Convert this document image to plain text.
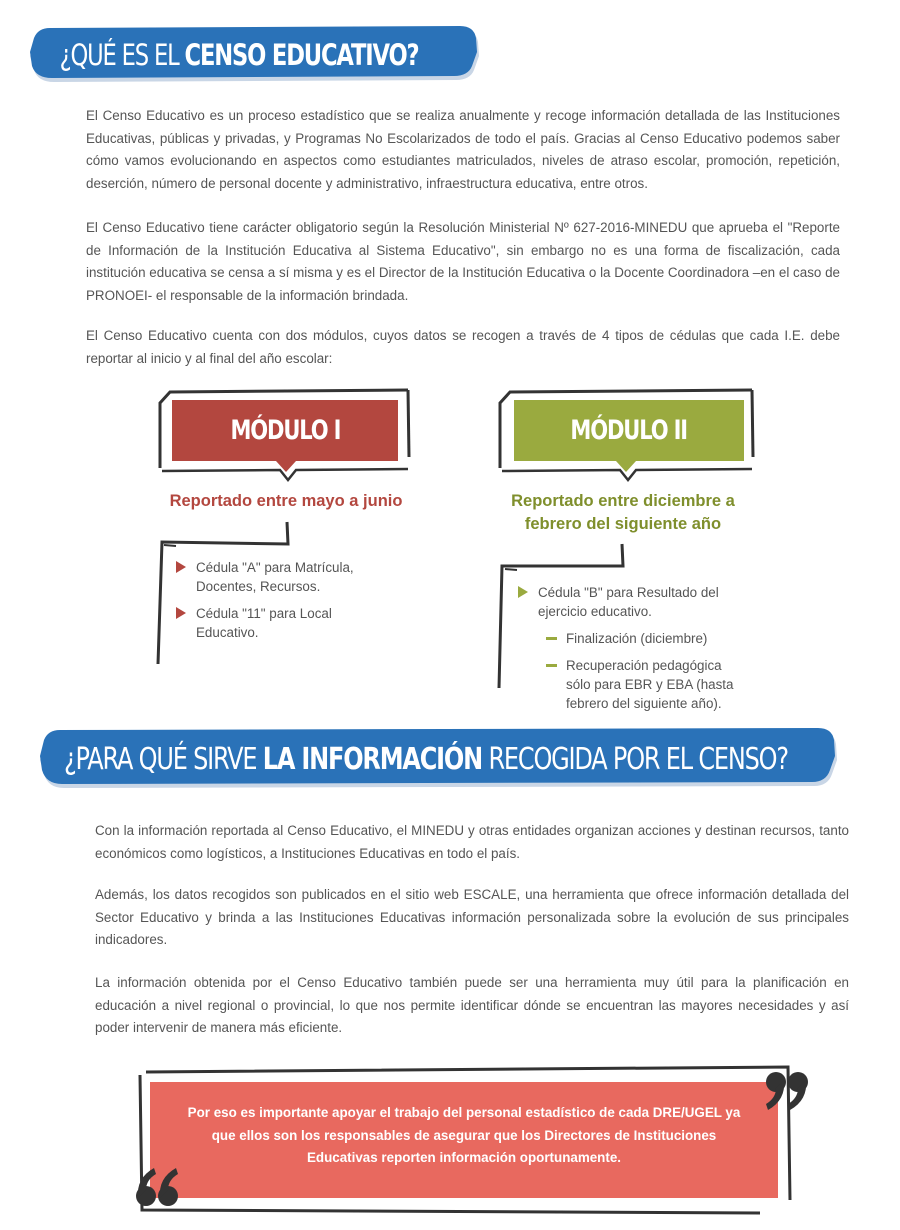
¿QUÉ ES EL
CENSO EDUCATIVO?
El Censo Educativo es un proceso estadístico que se realiza anualmente y recoge información detallada de las Instituciones Educativas, públicas y privadas, y Programas No Escolarizados de todo el país. Gracias al Censo Educativo podemos saber cómo vamos evolucionando en aspectos como estudiantes matriculados, niveles de atraso escolar, promoción, repetición, deserción, número de personal docente y administrativo, infraestructura educativa, entre otros.
El Censo Educativo tiene carácter obligatorio según la Resolución Ministerial Nº 627-2016-MINEDU que aprueba el "Reporte de Información de la Institución Educativa al Sistema Educativo", sin embargo no es una forma de fiscalización, cada institución educativa se censa a sí misma y es el Director de la Institución Educativa o la Docente Coordinadora –en el caso de PRONOEI- el responsable de la información brindada.
El Censo Educativo cuenta con dos módulos, cuyos datos se recogen a través de 4 tipos de cédulas que cada I.E. debe reportar al inicio y al final del año escolar:
MÓDULO I
Reportado entre mayo a junio
MÓDULO II
Reportado entre diciembre a febrero del siguiente año
Cédula "A" para Matrícula, Docentes, Recursos.
Cédula "11" para Local Educativo.
Cédula "B" para Resultado del ejercicio educativo.
Finalización (diciembre)
Recuperación pedagógica sólo para EBR y EBA (hasta febrero del siguiente año).
¿PARA QUÉ SIRVE
LA INFORMACIÓN
RECOGIDA POR EL CENSO?
Con la información reportada al Censo Educativo, el MINEDU y otras entidades organizan acciones y destinan recursos, tanto económicos como logísticos, a Instituciones Educativas en todo el país.
Además, los datos recogidos son publicados en el sitio web ESCALE, una herramienta que ofrece información detallada del Sector Educativo y brinda a las Instituciones Educativas información personalizada sobre la evolución de sus principales indicadores.
La información obtenida por el Censo Educativo también puede ser una herramienta muy útil para la planificación en educación a nivel regional o provincial, lo que nos permite identificar dónde se encuentran las mayores necesidades y así poder intervenir de manera más eficiente.
Por eso es importante apoyar el trabajo del personal estadístico de cada DRE/UGEL ya que ellos son los responsables de asegurar que los Directores de Instituciones Educativas reporten información oportunamente.
